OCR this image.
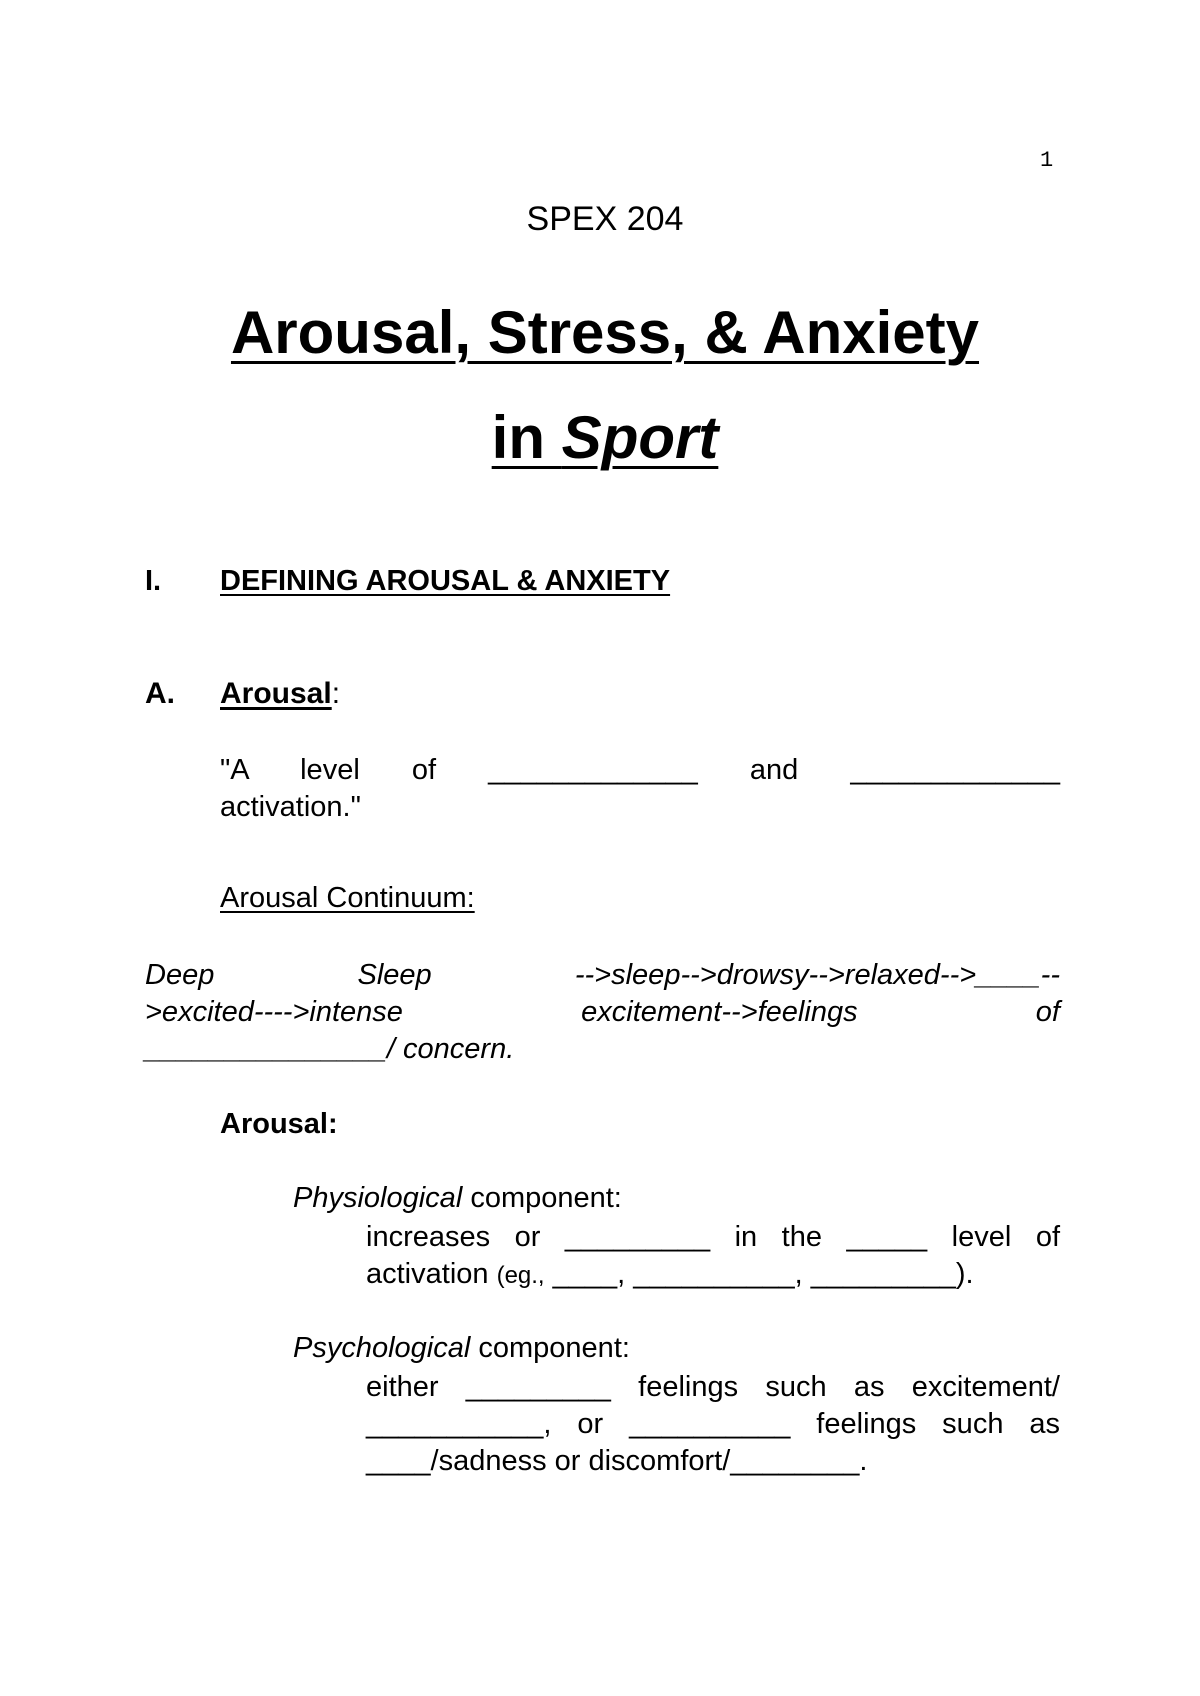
1
SPEX 204
Arousal, Stress, & Anxiety
in Sport
I. DEFINING AROUSAL & ANXIETY
A. Arousal:
"A level of _____________ and _____________
activation."
Arousal Continuum:
Deep Sleep -->sleep-->drowsy-->relaxed-->____--
>excited---->intense excitement-->feelings of
_______________/ concern.
Arousal:
Physiological component:
increases or _________ in the _____ level of
activation (eg., ____, __________, _________).
Psychological component:
either _________ feelings such as excitement/
___________, or __________ feelings such as
____/sadness or discomfort/________.
